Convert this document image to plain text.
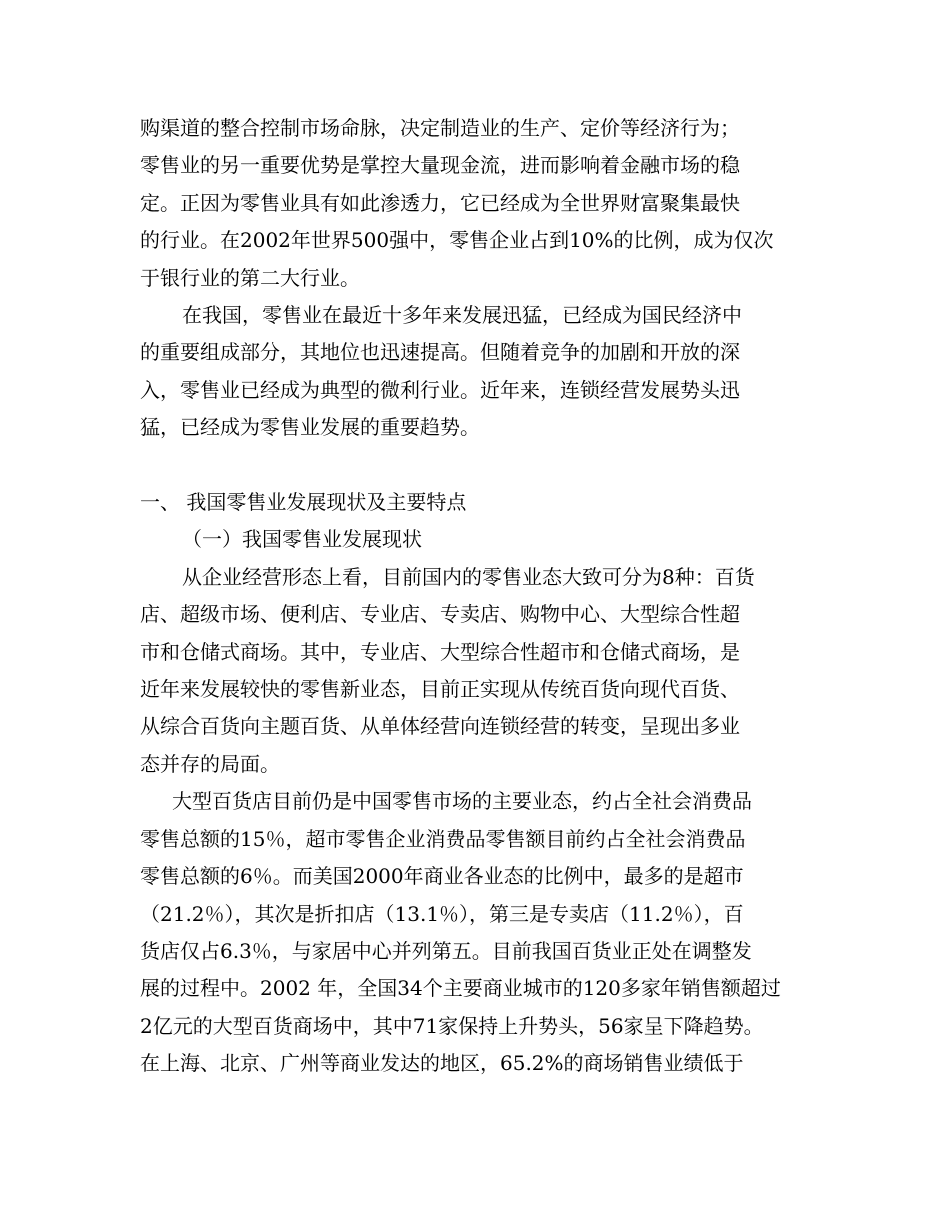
购渠道的整合控制市场命脉，决定制造业的生产、定价等经济行为；
零售业的另一重要优势是掌控大量现金流，进而影响着金融市场的稳
定。正因为零售业具有如此渗透力，它已经成为全世界财富聚集最快
的行业。在2002年世界500强中，零售企业占到10%的比例，成为仅次
于银行业的第二大行业。
在我国，零售业在最近十多年来发展迅猛，已经成为国民经济中
的重要组成部分，其地位也迅速提高。但随着竞争的加剧和开放的深
入，零售业已经成为典型的微利行业。近年来，连锁经营发展势头迅
猛，已经成为零售业发展的重要趋势。
一、 我国零售业发展现状及主要特点
（一）我国零售业发展现状
从企业经营形态上看，目前国内的零售业态大致可分为8种：百货
店、超级市场、便利店、专业店、专卖店、购物中心、大型综合性超
市和仓储式商场。其中，专业店、大型综合性超市和仓储式商场，是
近年来发展较快的零售新业态，目前正实现从传统百货向现代百货、
从综合百货向主题百货、从单体经营向连锁经营的转变，呈现出多业
态并存的局面。
大型百货店目前仍是中国零售市场的主要业态，约占全社会消费品
零售总额的15％，超市零售企业消费品零售额目前约占全社会消费品
零售总额的6％。而美国2000年商业各业态的比例中，最多的是超市
（21.2％），其次是折扣店（13.1％），第三是专卖店（11.2％），百
货店仅占6.3％，与家居中心并列第五。目前我国百货业正处在调整发
展的过程中。2002 年，全国34个主要商业城市的120多家年销售额超过
2亿元的大型百货商场中，其中71家保持上升势头，56家呈下降趋势。
在上海、北京、广州等商业发达的地区，65.2%的商场销售业绩低于
